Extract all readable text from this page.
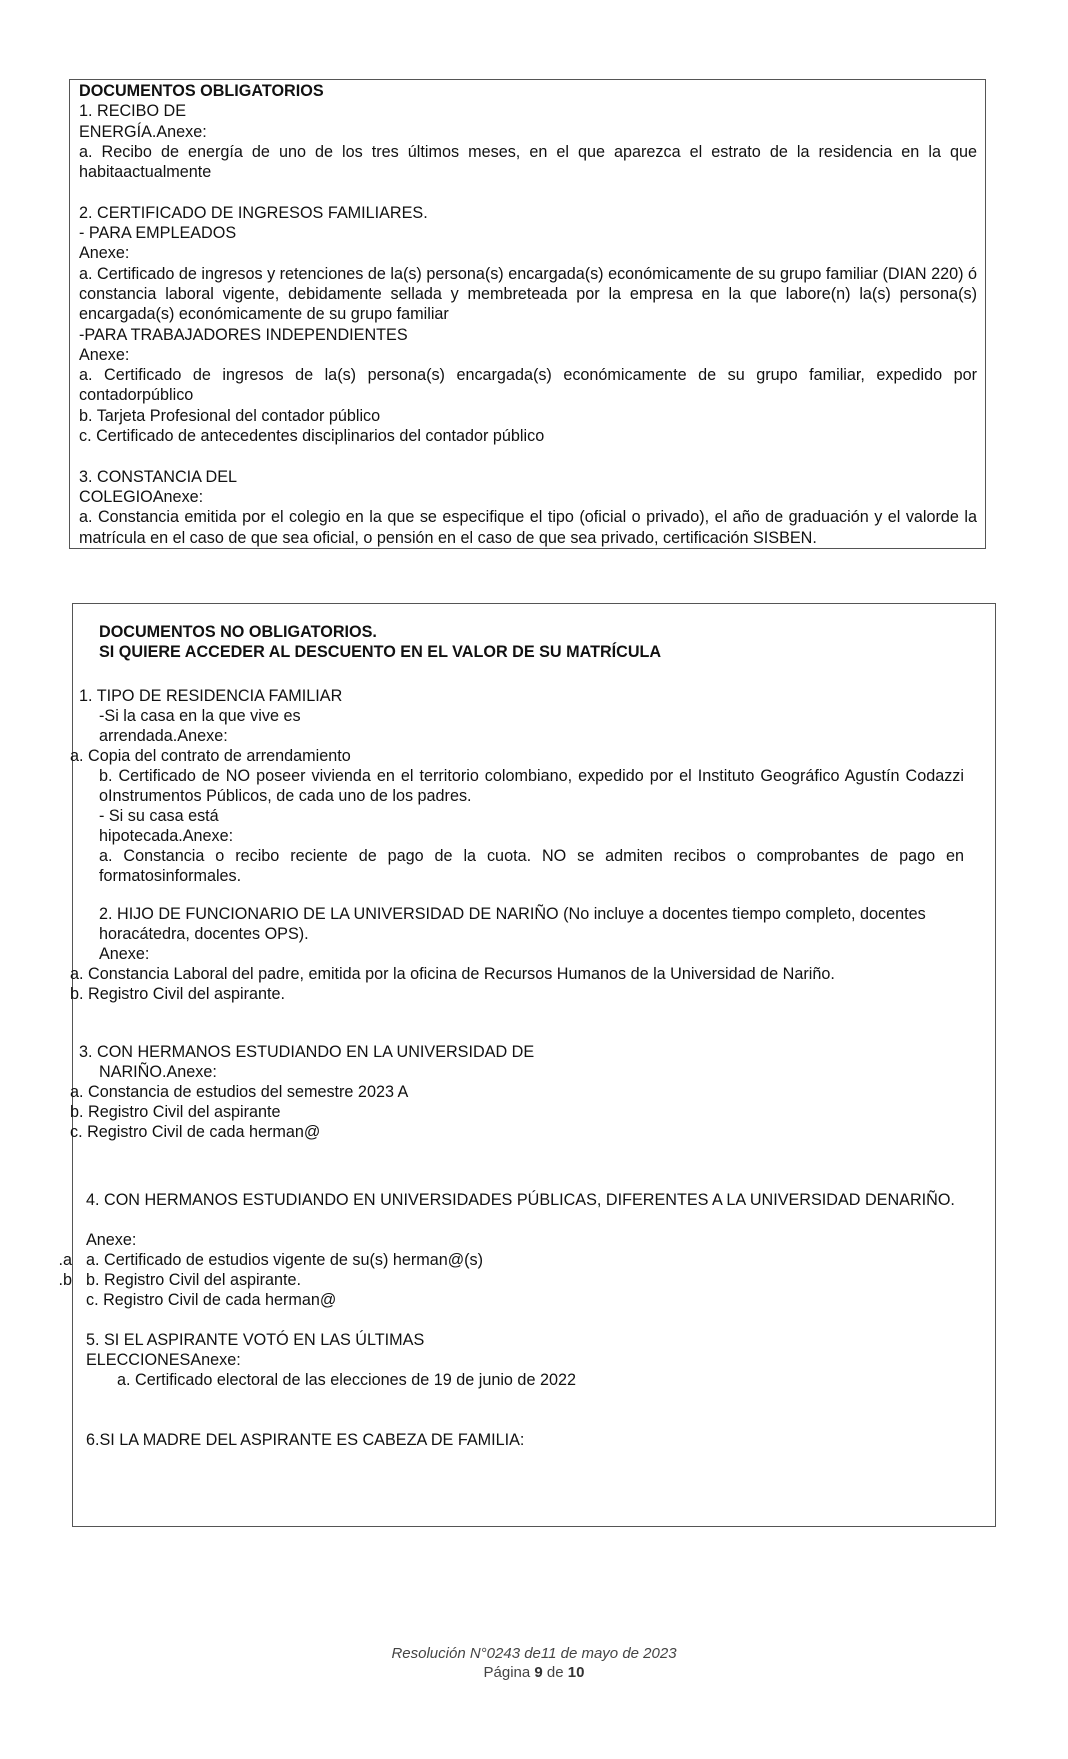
DOCUMENTOS OBLIGATORIOS

1. RECIBO DE

ENERGÍA.Anexe:

a. Recibo de energía de uno de los tres últimos meses, en el que aparezca el estrato de la residencia en la que habitaactualmente

2. CERTIFICADO DE INGRESOS FAMILIARES.

- PARA EMPLEADOS

Anexe:

a. Certificado de ingresos y retenciones de la(s) persona(s) encargada(s) económicamente de su grupo familiar (DIAN 220) ó constancia laboral vigente, debidamente sellada y membreteada por la empresa en la que labore(n) la(s) persona(s) encargada(s) económicamente de su grupo familiar

-PARA TRABAJADORES INDEPENDIENTES

Anexe:

a. Certificado de ingresos de la(s) persona(s) encargada(s) económicamente de su grupo familiar, expedido por contadorpúblico

b. Tarjeta Profesional del contador público

c. Certificado de antecedentes disciplinarios del contador público

3. CONSTANCIA DEL

COLEGIOAnexe:

a. Constancia emitida por el colegio en la que se especifique el tipo (oficial o privado), el año de graduación y el valorde la matrícula en el caso de que sea oficial, o pensión en el caso de que sea privado, certificación SISBEN.

DOCUMENTOS NO OBLIGATORIOS.
SI QUIERE ACCEDER AL DESCUENTO EN EL VALOR DE SU MATRÍCULA
1. TIPO DE RESIDENCIA FAMILIAR
-Si la casa en la que vive es
arrendada.Anexe:
a. Copia del contrato de arrendamiento
b. Certificado de NO poseer vivienda en el territorio colombiano, expedido por el Instituto Geográfico Agustín Codazzi oInstrumentos Públicos, de cada uno de los padres.
- Si su casa está
hipotecada.Anexe:
a. Constancia o recibo reciente de pago de la cuota. NO se admiten recibos o comprobantes de pago en formatosinformales.
2. HIJO DE FUNCIONARIO DE LA UNIVERSIDAD DE NARIÑO (No incluye a docentes tiempo completo, docentes horacátedra, docentes OPS).
Anexe:
a. Constancia Laboral del padre, emitida por la oficina de Recursos Humanos de la Universidad de Nariño.
b. Registro Civil del aspirante.
3. CON HERMANOS ESTUDIANDO EN LA UNIVERSIDAD DE
NARIÑO.Anexe:
a. Constancia de estudios del semestre 2023 A
b. Registro Civil del aspirante
c. Registro Civil de cada herman@
4. CON HERMANOS ESTUDIANDO EN UNIVERSIDADES PÚBLICAS, DIFERENTES A LA UNIVERSIDAD DENARIÑO.
Anexe:
a. a. Certificado de estudios vigente de su(s) herman@(s)
b. b. Registro Civil del aspirante.
c. Registro Civil de cada herman@
5. SI EL ASPIRANTE VOTÓ EN LAS ÚLTIMAS
ELECCIONESAnexe:
a. Certificado electoral de las elecciones de 19 de junio de 2022
6.SI LA MADRE DEL ASPIRANTE ES CABEZA DE FAMILIA:
Resolución N°0243 de11 de mayo de 2023
Página 9 de 10
